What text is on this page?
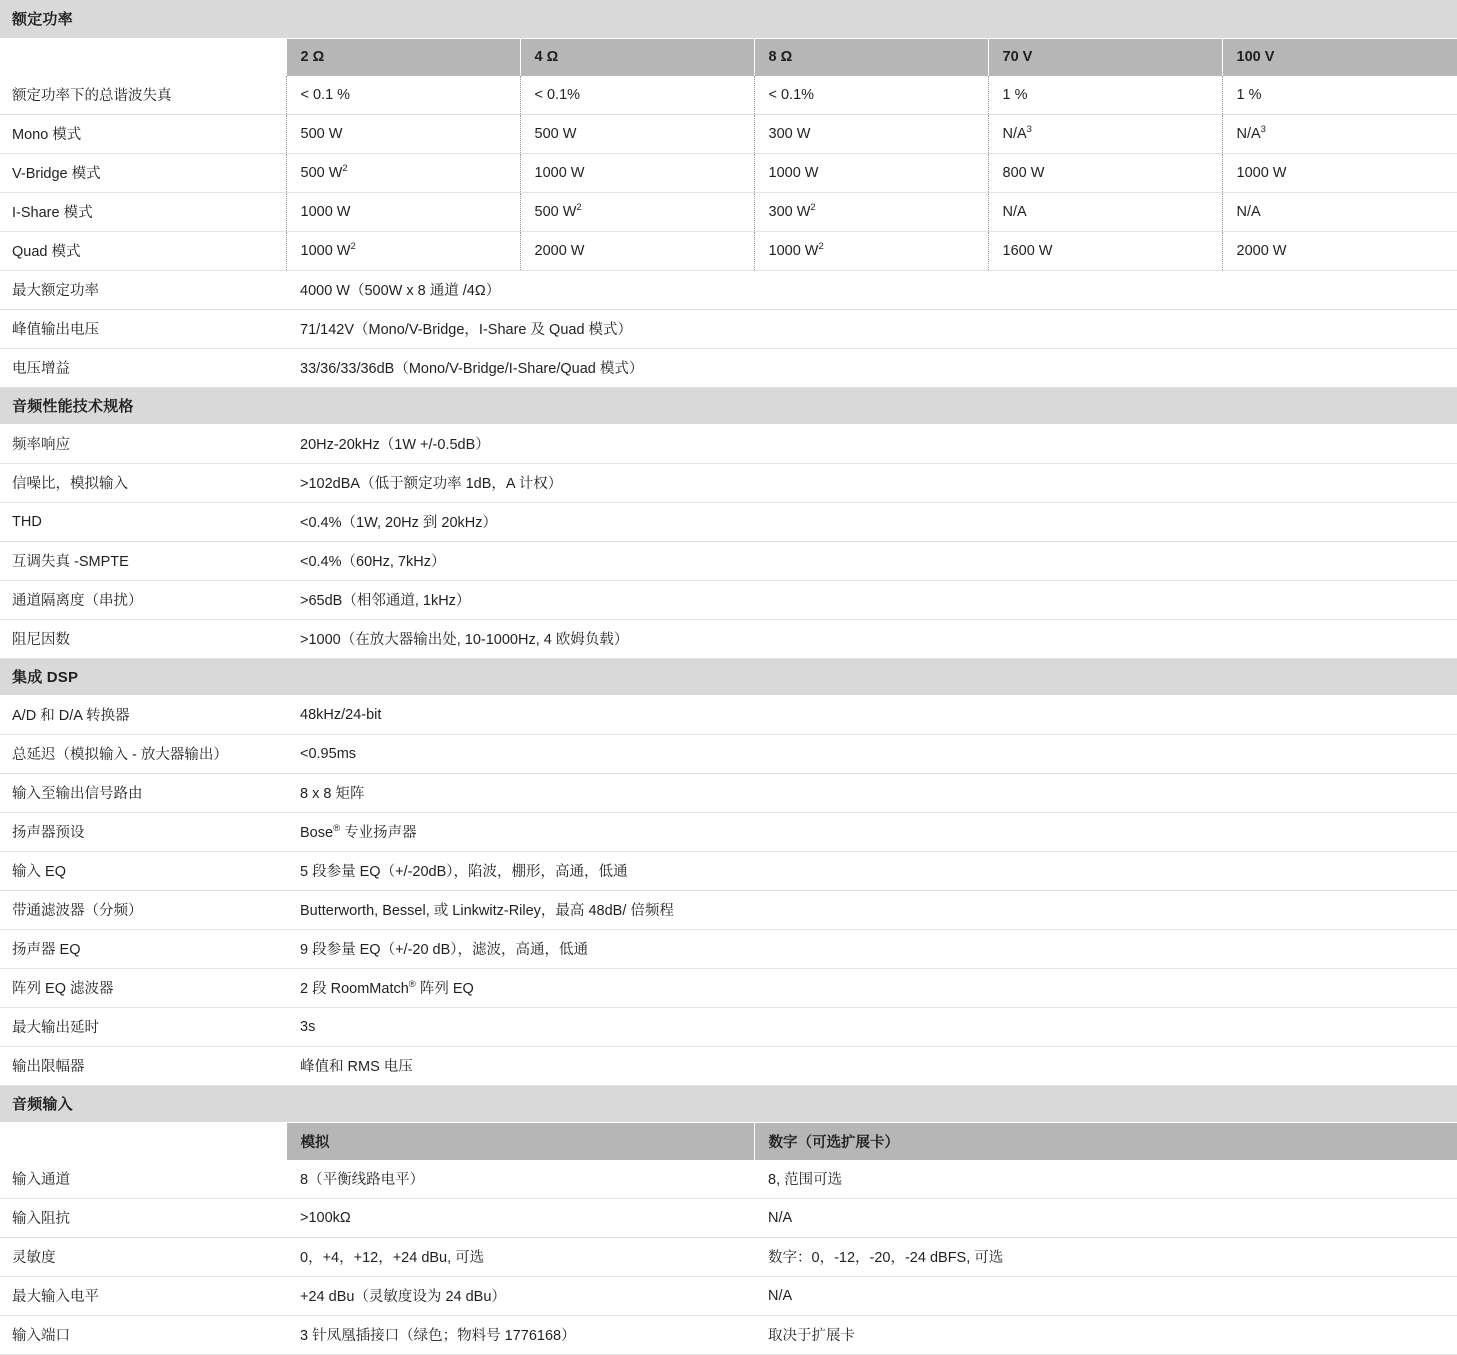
额定功率					
	2 Ω	4 Ω	8 Ω	70 V	100 V
额定功率下的总谐波失真	< 0.1 %	< 0.1%	< 0.1%	1 %	1 %
Mono 模式	500 W	500 W	300 W	$N/A^3$	$N/A^3$
V-Bridge 模式	500 $W^2$	1000 W	1000 W	800 W	1000 W
I-Share 模式	1000 W	500 $W^2$	300 $W^2$	N/A	N/A
Quad 模式	1000 $W^2$	2000 W	1000 $W^2$	1600 W	2000 W
最大额定功率	4000 W（500W x 8 通道 /4Ω）				
峰值输出电压	71/142V（Mono/V-Bridge，I-Share 及 Quad 模式）				
电压增益	33/36/33/36dB（Mono/V-Bridge/I-Share/Quad 模式）				
音频性能技术规格					
频率响应	20Hz-20kHz（1W +/-0.5dB）				
信噪比，模拟输入	>102dBA（低于额定功率 1dB，A 计权）				
THD	<0.4%（1W, 20Hz 到 20kHz）				
互调失真 -SMPTE	<0.4%（60Hz, 7kHz）				
通道隔离度（串扰）	>65dB（相邻通道, 1kHz）				
阻尼因数	>1000（在放大器输出处, 10-1000Hz, 4 欧姆负载）				
集成 DSP					
A/D 和 D/A 转换器	48kHz/24-bit				
总延迟（模拟输入 - 放大器输出）	<0.95ms				
输入至输出信号路由	8 x 8 矩阵				
扬声器预设	Bose® 专业扬声器				
输入 EQ	5 段参量 EQ（+/-20dB），陷波，棚形，高通，低通				
带通滤波器（分频）	Butterworth, Bessel, 或 Linkwitz-Riley，最高 48dB/ 倍频程				
扬声器 EQ	9 段参量 EQ（+/-20 dB），滤波，高通，低通				
阵列 EQ 滤波器	2 段 RoomMatch® 阵列 EQ				
最大输出延时	3s				
输出限幅器	峰值和 RMS 电压				
音频输入					
	模拟		数字（可选扩展卡）		
输入通道	8（平衡线路电平）		8, 范围可选		
输入阻抗	>100kΩ		N/A		
灵敏度	0，+4，+12，+24 dBu, 可选		数字：0，-12，-20，-24 dBFS, 可选		
最大输入电平	+24 dBu（灵敏度设为 24 dBu）		N/A		
输入端口	3 针凤凰插接口（绿色；物料号 1776168）		取决于扩展卡		
